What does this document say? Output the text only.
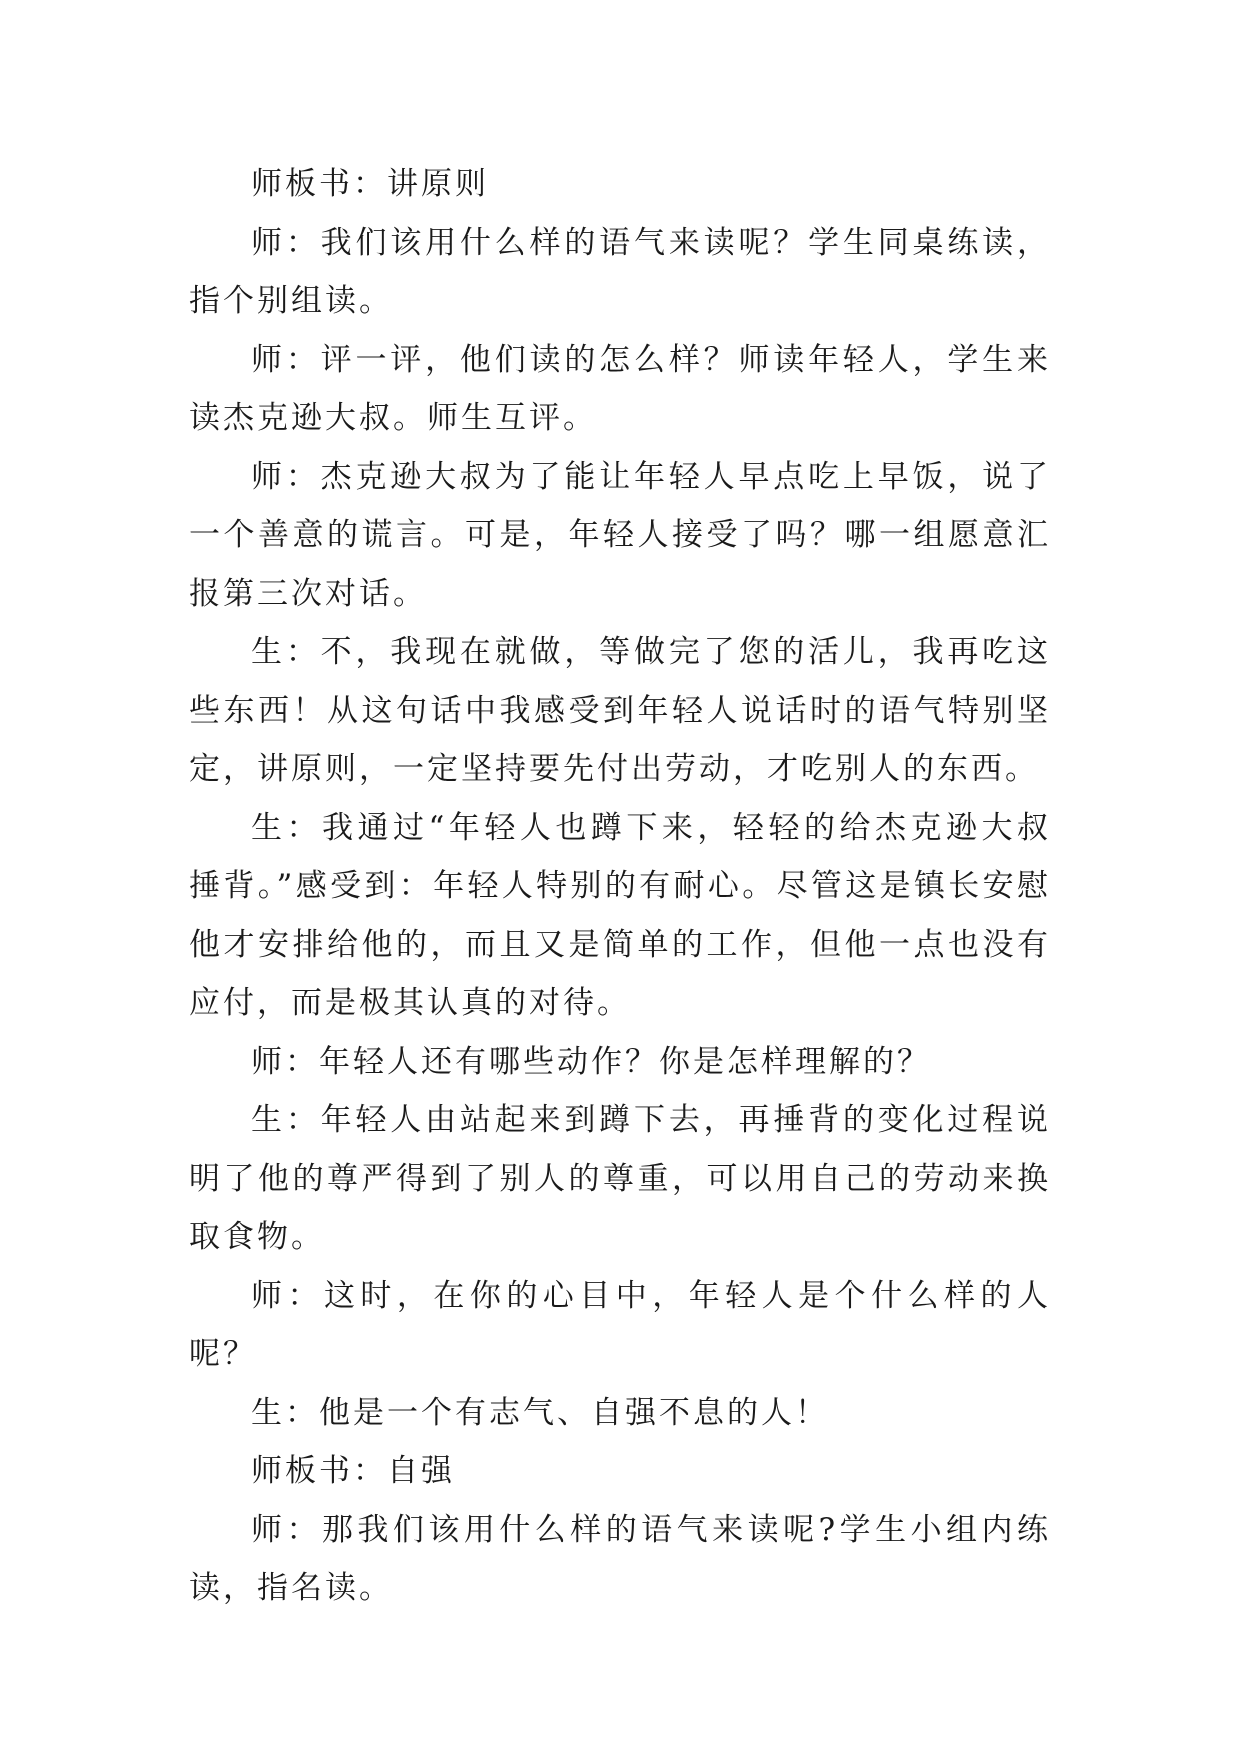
师板书：讲原则

师：我们该用什么样的语气来读呢？学生同桌练读，指个别组读。

师：评一评，他们读的怎么样？师读年轻人，学生来读杰克逊大叔。师生互评。

师：杰克逊大叔为了能让年轻人早点吃上早饭，说了一个善意的谎言。可是，年轻人接受了吗？哪一组愿意汇报第三次对话。

生：不，我现在就做，等做完了您的活儿，我再吃这些东西！从这句话中我感受到年轻人说话时的语气特别坚定，讲原则，一定坚持要先付出劳动，才吃别人的东西。

生：我通过“年轻人也蹲下来，轻轻的给杰克逊大叔捶背。”感受到：年轻人特别的有耐心。尽管这是镇长安慰他才安排给他的，而且又是简单的工作，但他一点也没有应付，而是极其认真的对待。

师：年轻人还有哪些动作？你是怎样理解的？

生：年轻人由站起来到蹲下去，再捶背的变化过程说明了他的尊严得到了别人的尊重，可以用自己的劳动来换取食物。

师：这时，在你的心目中，年轻人是个什么样的人呢？

生：他是一个有志气、自强不息的人！

师板书：自强

师：那我们该用什么样的语气来读呢?学生小组内练读，指名读。
